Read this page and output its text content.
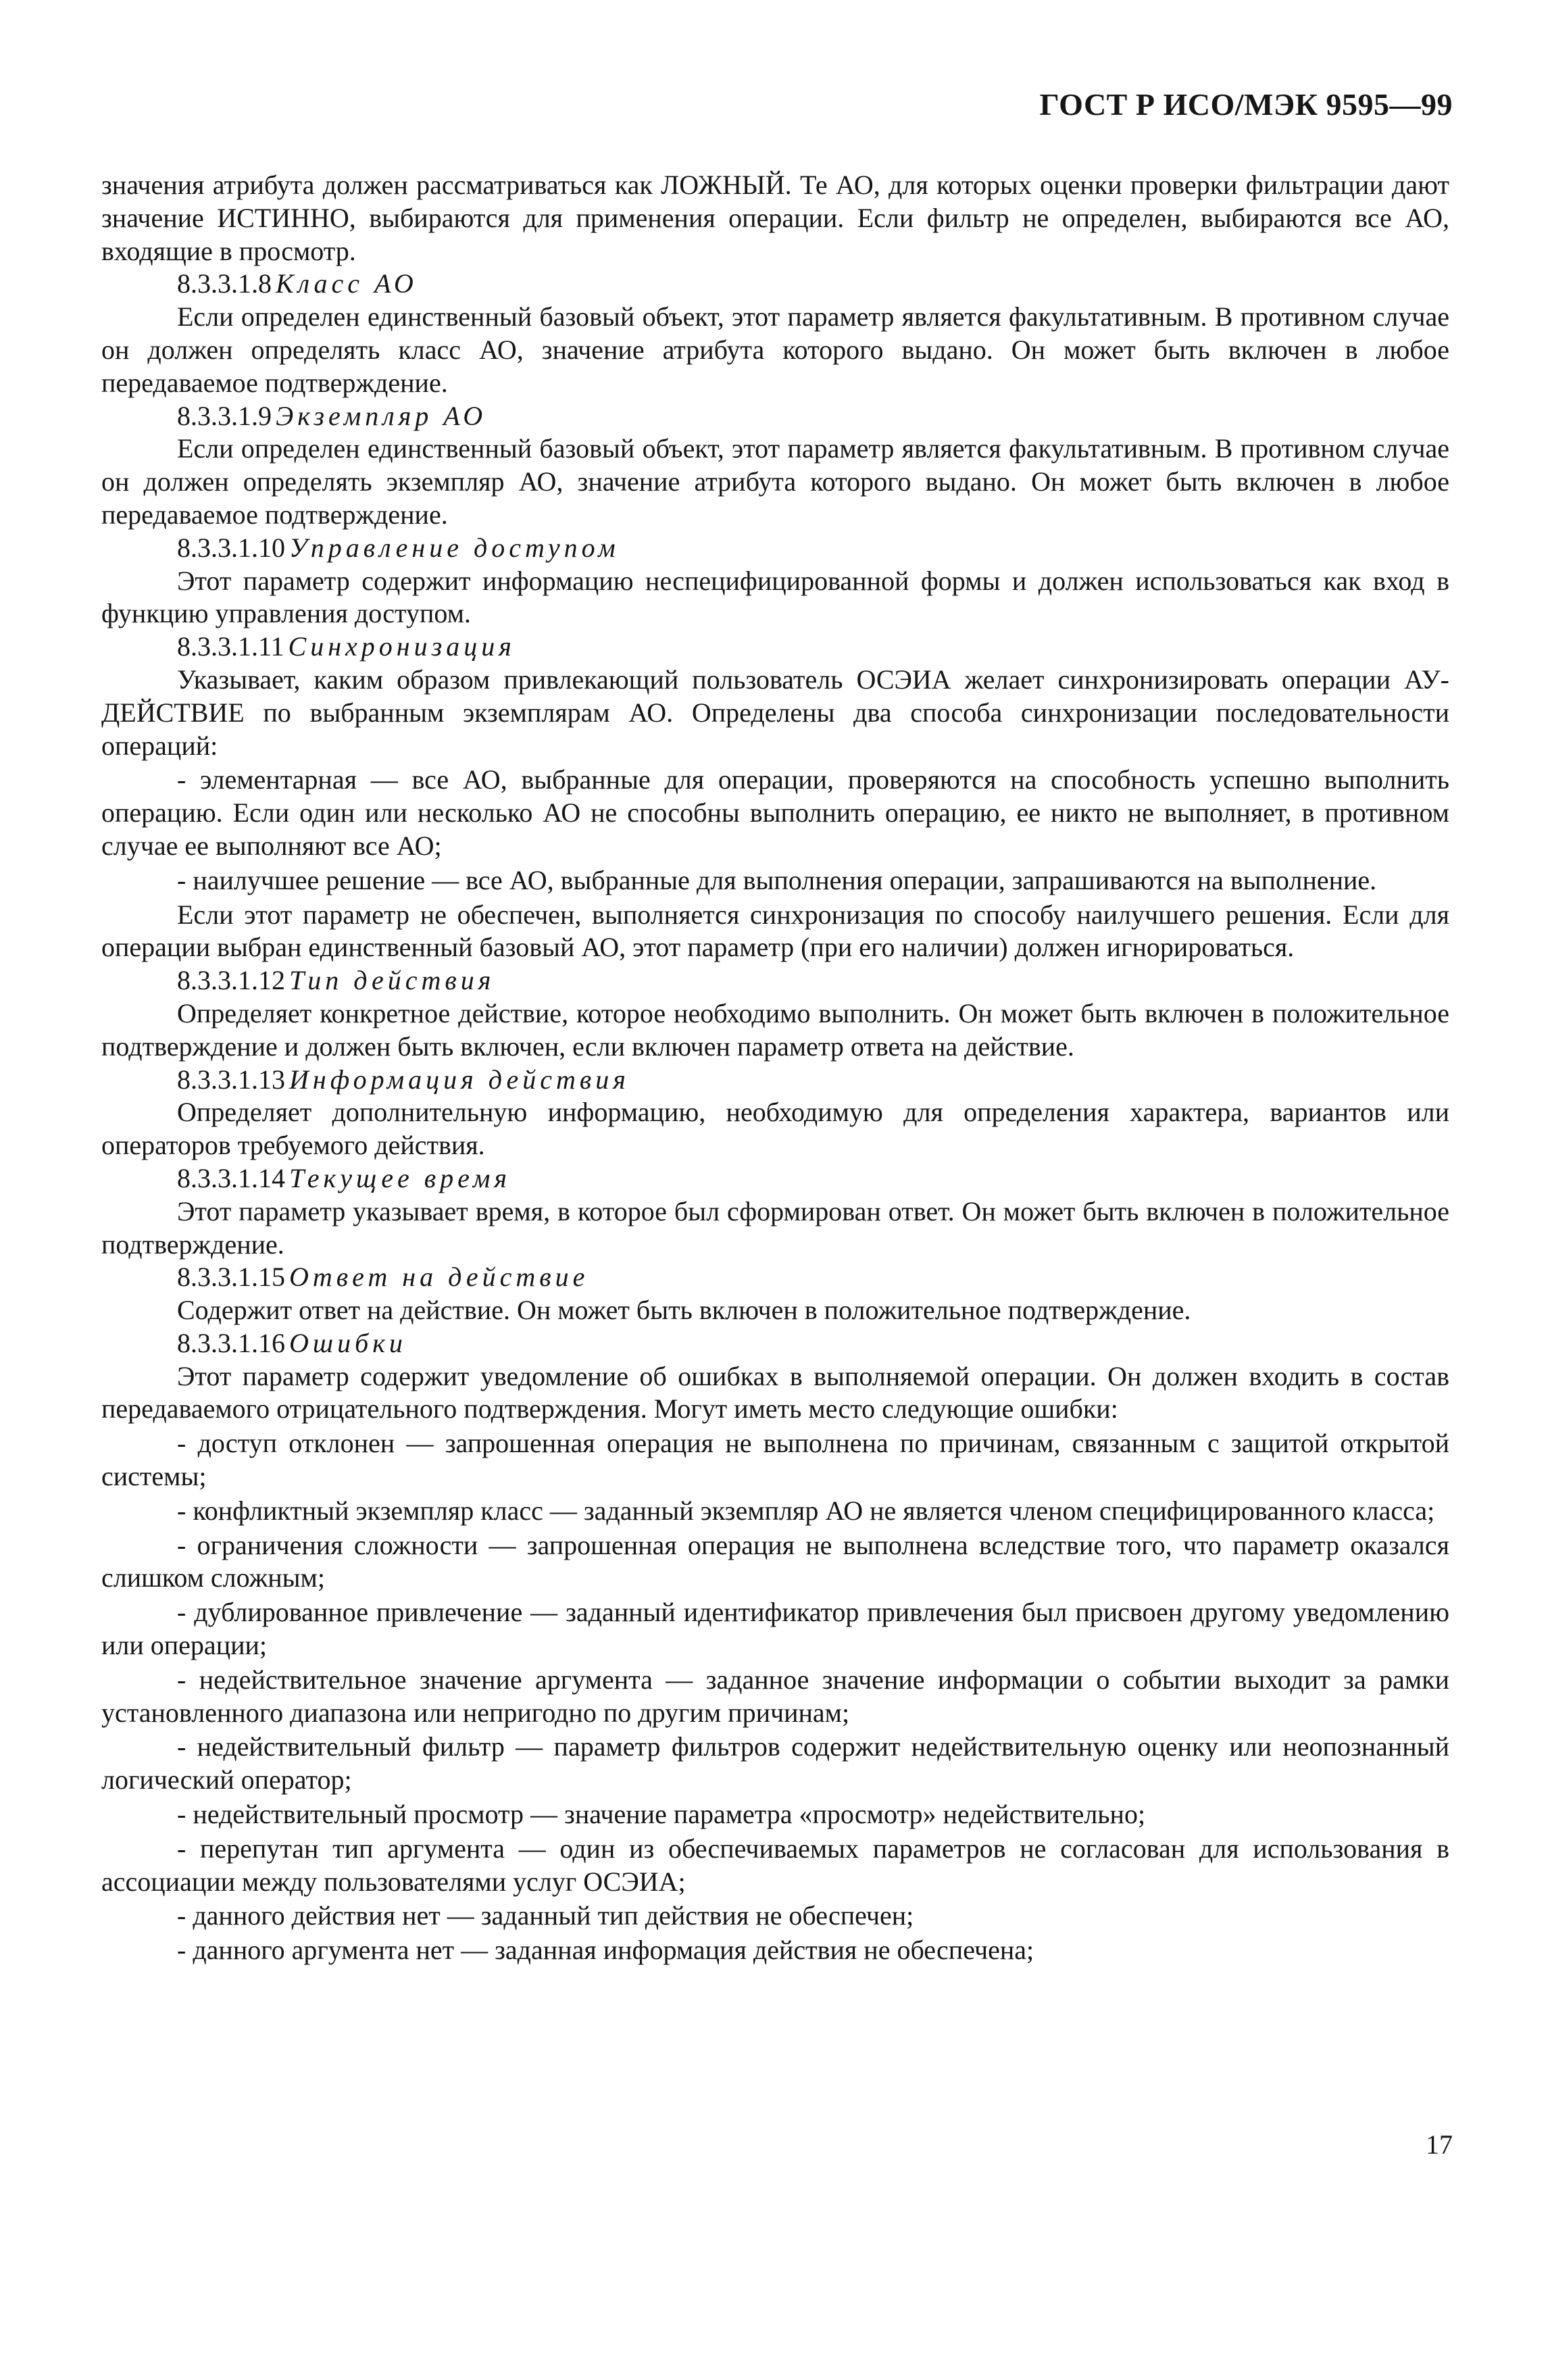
ГОСТ Р ИСО/МЭК 9595—99

значения атрибута должен рассматриваться как ЛОЖНЫЙ. Те АО, для которых оценки проверки фильтрации дают значение ИСТИННО, выбираются для применения операции. Если фильтр не определен, выбираются все АО, входящие в просмотр.

8.3.3.1.8 Класс АО

Если определен единственный базовый объект, этот параметр является факультативным. В противном случае он должен определять класс АО, значение атрибута которого выдано. Он может быть включен в любое передаваемое подтверждение.

8.3.3.1.9 Экземпляр АО

Если определен единственный базовый объект, этот параметр является факультативным. В противном случае он должен определять экземпляр АО, значение атрибута которого выдано. Он может быть включен в любое передаваемое подтверждение.

8.3.3.1.10 Управление доступом

Этот параметр содержит информацию неспецифицированной формы и должен использоваться как вход в функцию управления доступом.

8.3.3.1.11 Синхронизация

Указывает, каким образом привлекающий пользователь ОСЭИА желает синхронизировать операции АУ-ДЕЙСТВИЕ по выбранным экземплярам АО. Определены два способа синхронизации последовательности операций:

- элементарная — все АО, выбранные для операции, проверяются на способность успешно выполнить операцию. Если один или несколько АО не способны выполнить операцию, ее никто не выполняет, в противном случае ее выполняют все АО;

- наилучшее решение — все АО, выбранные для выполнения операции, запрашиваются на выполнение.

Если этот параметр не обеспечен, выполняется синхронизация по способу наилучшего решения. Если для операции выбран единственный базовый АО, этот параметр (при его наличии) должен игнорироваться.

8.3.3.1.12 Тип действия

Определяет конкретное действие, которое необходимо выполнить. Он может быть включен в положительное подтверждение и должен быть включен, если включен параметр ответа на действие.

8.3.3.1.13 Информация действия

Определяет дополнительную информацию, необходимую для определения характера, вариантов или операторов требуемого действия.

8.3.3.1.14 Текущее время

Этот параметр указывает время, в которое был сформирован ответ. Он может быть включен в положительное подтверждение.

8.3.3.1.15 Ответ на действие

Содержит ответ на действие. Он может быть включен в положительное подтверждение.

8.3.3.1.16 Ошибки

Этот параметр содержит уведомление об ошибках в выполняемой операции. Он должен входить в состав передаваемого отрицательного подтверждения. Могут иметь место следующие ошибки:

- доступ отклонен — запрошенная операция не выполнена по причинам, связанным с защитой открытой системы;

- конфликтный экземпляр класс — заданный экземпляр АО не является членом специфицированного класса;

- ограничения сложности — запрошенная операция не выполнена вследствие того, что параметр оказался слишком сложным;

- дублированное привлечение — заданный идентификатор привлечения был присвоен другому уведомлению или операции;

- недействительное значение аргумента — заданное значение информации о событии выходит за рамки установленного диапазона или непригодно по другим причинам;

- недействительный фильтр — параметр фильтров содержит недействительную оценку или неопознанный логический оператор;

- недействительный просмотр — значение параметра «просмотр» недействительно;

- перепутан тип аргумента — один из обеспечиваемых параметров не согласован для использования в ассоциации между пользователями услуг ОСЭИА;

- данного действия нет — заданный тип действия не обеспечен;

- данного аргумента нет — заданная информация действия не обеспечена;

17
